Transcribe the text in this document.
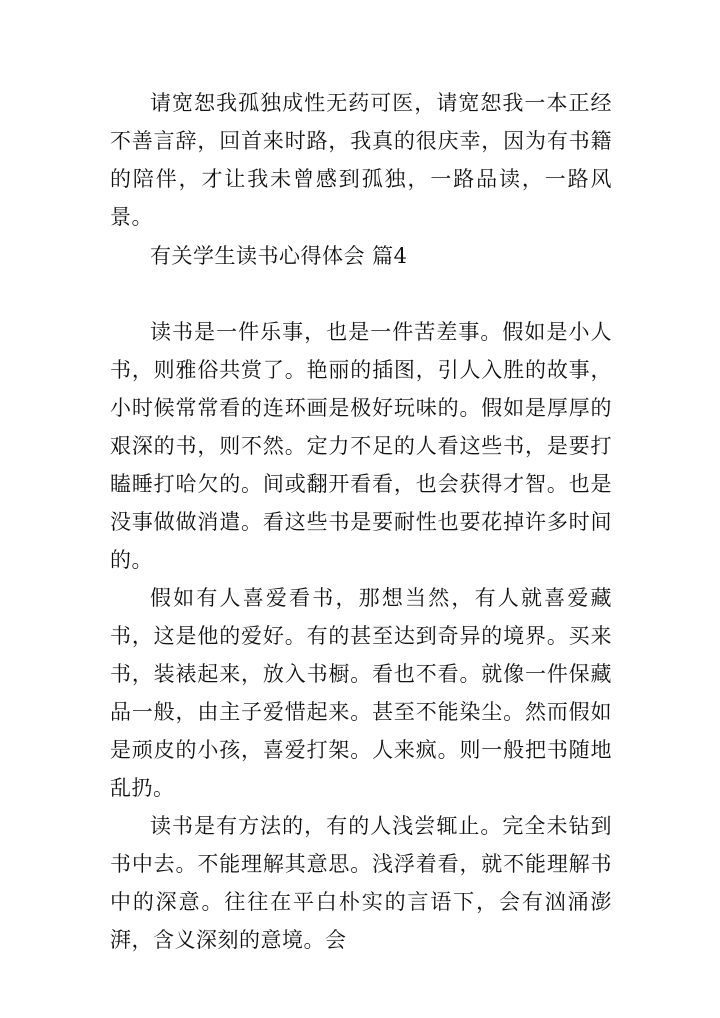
请宽恕我孤独成性无药可医，请宽恕我一本正经不善言辞，回首来时路，我真的很庆幸，因为有书籍的陪伴，才让我未曾感到孤独，一路品读，一路风景。

有关学生读书心得体会 篇4

读书是一件乐事，也是一件苦差事。假如是小人书，则雅俗共赏了。艳丽的插图，引人入胜的故事，小时候常常看的连环画是极好玩味的。假如是厚厚的艰深的书，则不然。定力不足的人看这些书，是要打瞌睡打哈欠的。间或翻开看看，也会获得才智。也是没事做做消遣。看这些书是要耐性也要花掉许多时间的。

假如有人喜爱看书，那想当然，有人就喜爱藏书，这是他的爱好。有的甚至达到奇异的境界。买来书，装裱起来，放入书橱。看也不看。就像一件保藏品一般，由主子爱惜起来。甚至不能染尘。然而假如是顽皮的小孩，喜爱打架。人来疯。则一般把书随地乱扔。

读书是有方法的，有的人浅尝辄止。完全未钻到书中去。不能理解其意思。浅浮着看，就不能理解书中的深意。往往在平白朴实的言语下，会有汹涌澎湃，含义深刻的意境。会
